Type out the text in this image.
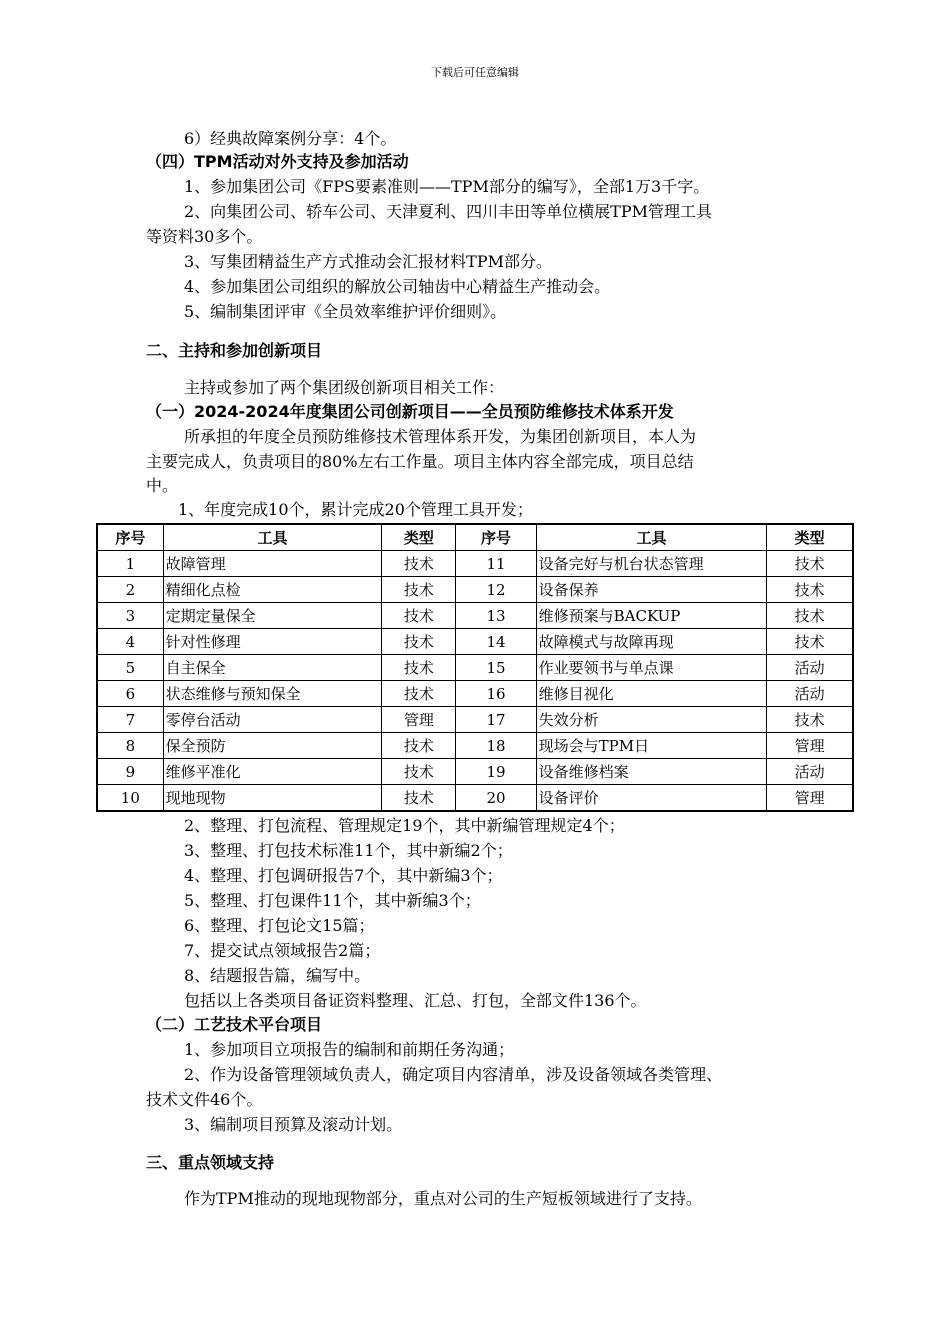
下载后可任意编辑
6）经典故障案例分享：4个。
（四）TPM活动对外支持及参加活动
1、参加集团公司《FPS要素准则——TPM部分的编写》，全部1万3千字。
2、向集团公司、轿车公司、天津夏利、四川丰田等单位横展TPM管理工具
等资料30多个。
3、写集团精益生产方式推动会汇报材料TPM部分。
4、参加集团公司组织的解放公司轴齿中心精益生产推动会。
5、编制集团评审《全员效率维护评价细则》。
二、主持和参加创新项目
主持或参加了两个集团级创新项目相关工作：
（一）2024-2024年度集团公司创新项目——全员预防维修技术体系开发
所承担的年度全员预防维修技术管理体系开发，为集团创新项目，本人为
主要完成人，负责项目的80%左右工作量。项目主体内容全部完成，项目总结
中。
1、年度完成10个，累计完成20个管理工具开发；
序号	工具	类型	序号	工具	类型
1	故障管理	技术	11	设备完好与机台状态管理	技术
2	精细化点检	技术	12	设备保养	技术
3	定期定量保全	技术	13	维修预案与BACKUP	技术
4	针对性修理	技术	14	故障模式与故障再现	技术
5	自主保全	技术	15	作业要领书与单点课	活动
6	状态维修与预知保全	技术	16	维修目视化	活动
7	零停台活动	管理	17	失效分析	技术
8	保全预防	技术	18	现场会与TPM日	管理
9	维修平准化	技术	19	设备维修档案	活动
10	现地现物	技术	20	设备评价	管理
2、整理、打包流程、管理规定19个，其中新编管理规定4个；
3、整理、打包技术标准11个，其中新编2个；
4、整理、打包调研报告7个，其中新编3个；
5、整理、打包课件11个，其中新编3个；
6、整理、打包论文15篇；
7、提交试点领域报告2篇；
8、结题报告篇，编写中。
包括以上各类项目备证资料整理、汇总、打包，全部文件136个。
（二）工艺技术平台项目
1、参加项目立项报告的编制和前期任务沟通；
2、作为设备管理领域负责人，确定项目内容清单，涉及设备领域各类管理、
技术文件46个。
3、编制项目预算及滚动计划。
三、重点领域支持
作为TPM推动的现地现物部分，重点对公司的生产短板领域进行了支持。
